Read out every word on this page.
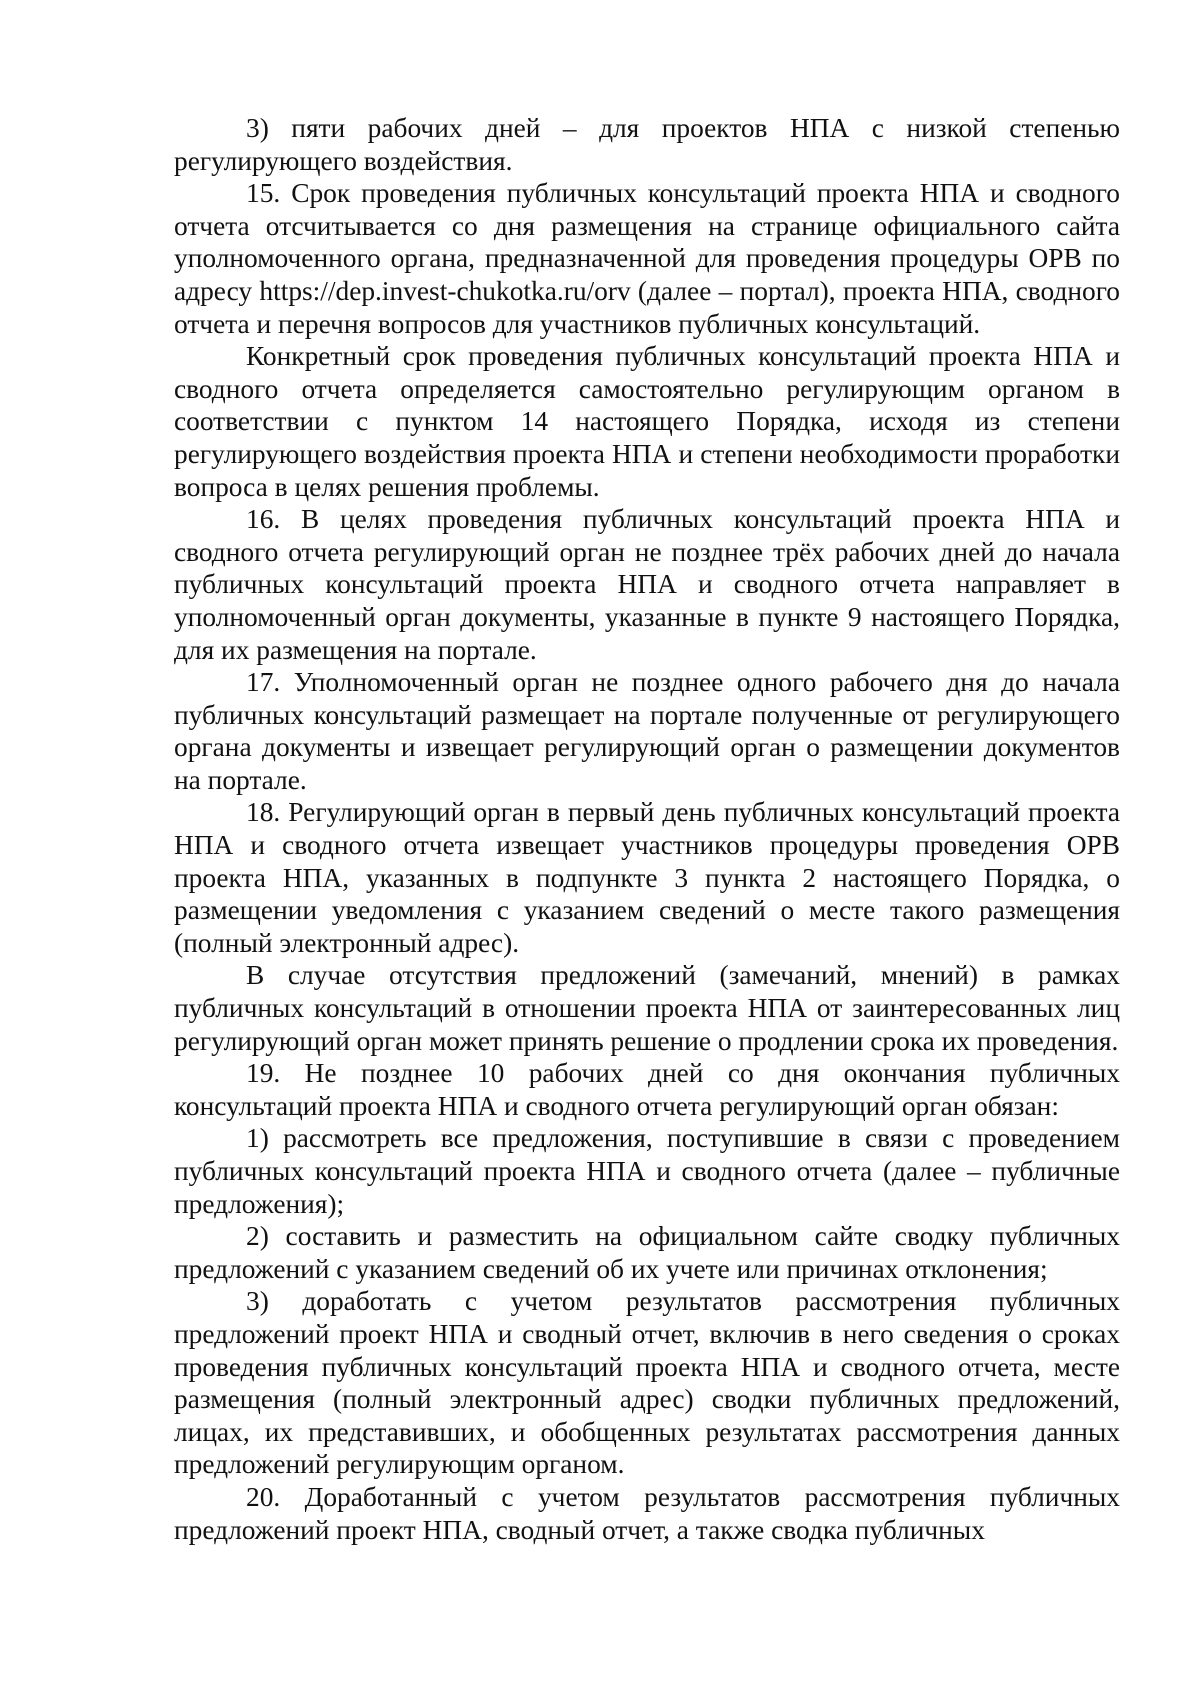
3) пяти рабочих дней – для проектов НПА с низкой степенью регулирующего воздействия.

15. Срок проведения публичных консультаций проекта НПА и сводного отчета отсчитывается со дня размещения на странице официального сайта уполномоченного органа, предназначенной для проведения процедуры ОРВ по адресу https://dep.invest-chukotka.ru/orv (далее – портал), проекта НПА, сводного отчета и перечня вопросов для участников публичных консультаций.

Конкретный срок проведения публичных консультаций проекта НПА и сводного отчета определяется самостоятельно регулирующим органом в соответствии с пунктом 14 настоящего Порядка, исходя из степени регулирующего воздействия проекта НПА и степени необходимости проработки вопроса в целях решения проблемы.

16. В целях проведения публичных консультаций проекта НПА и сводного отчета регулирующий орган не позднее трёх рабочих дней до начала публичных консультаций проекта НПА и сводного отчета направляет в уполномоченный орган документы, указанные в пункте 9 настоящего Порядка, для их размещения на портале.

17. Уполномоченный орган не позднее одного рабочего дня до начала публичных консультаций размещает на портале полученные от регулирующего органа документы и извещает регулирующий орган о размещении документов на портале.

18. Регулирующий орган в первый день публичных консультаций проекта НПА и сводного отчета извещает участников процедуры проведения ОРВ проекта НПА, указанных в подпункте 3 пункта 2 настоящего Порядка, о размещении уведомления с указанием сведений о месте такого размещения (полный электронный адрес).

В случае отсутствия предложений (замечаний, мнений) в рамках публичных консультаций в отношении проекта НПА от заинтересованных лиц регулирующий орган может принять решение о продлении срока их проведения.

19. Не позднее 10 рабочих дней со дня окончания публичных консультаций проекта НПА и сводного отчета регулирующий орган обязан:

1) рассмотреть все предложения, поступившие в связи с проведением публичных консультаций проекта НПА и сводного отчета (далее – публичные предложения);

2) составить и разместить на официальном сайте сводку публичных предложений с указанием сведений об их учете или причинах отклонения;

3) доработать с учетом результатов рассмотрения публичных предложений проект НПА и сводный отчет, включив в него сведения о сроках проведения публичных консультаций проекта НПА и сводного отчета, месте размещения (полный электронный адрес) сводки публичных предложений, лицах, их представивших, и обобщенных результатах рассмотрения данных предложений регулирующим органом.

20. Доработанный с учетом результатов рассмотрения публичных предложений проект НПА, сводный отчет, а также сводка публичных
